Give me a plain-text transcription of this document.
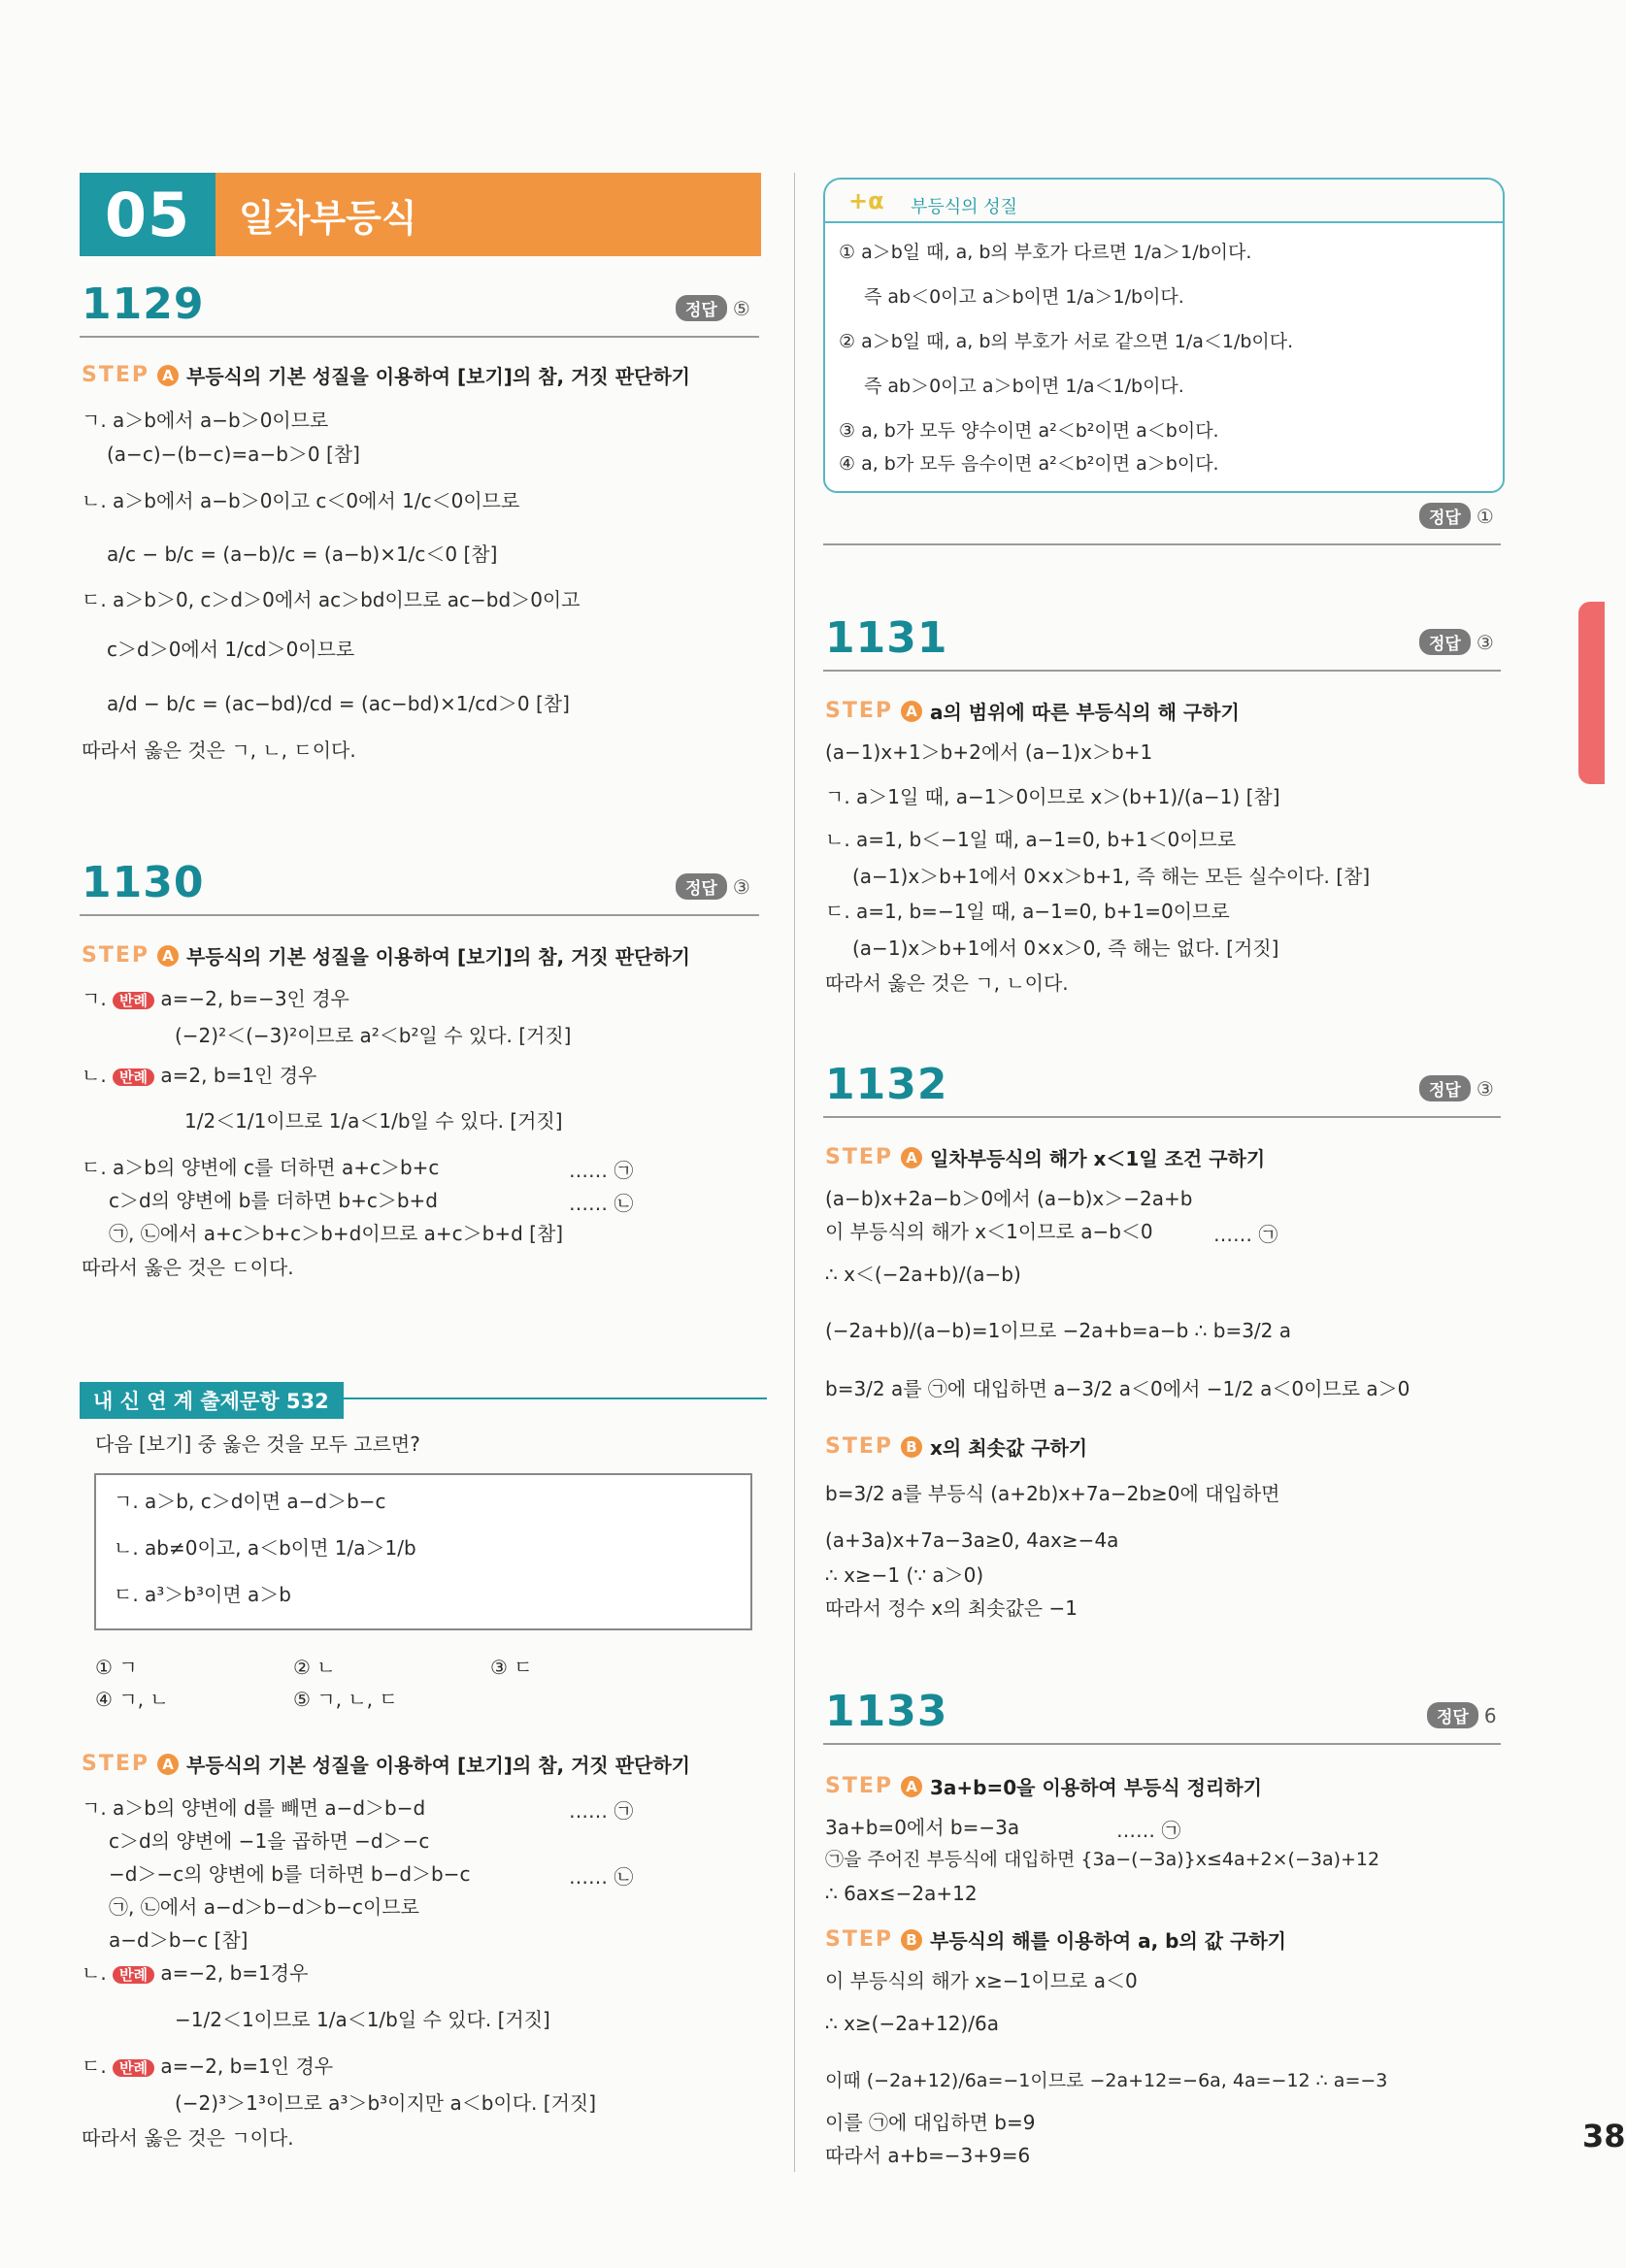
05	일차부등식
1129	정답 ⑤
STEP A 부등식의 기본 성질을 이용하여 [보기]의 참, 거짓 판단하기
ㄱ. a＞b에서 a−b＞0이므로
(a−c)−(b−c)=a−b＞0 [참]
ㄴ. a＞b에서 a−b＞0이고 c＜0에서 1/c＜0이므로
a/c − b/c = (a−b)/c = (a−b)×1/c＜0 [참]
ㄷ. a＞b＞0, c＞d＞0에서 ac＞bd이므로 ac−bd＞0이고
c＞d＞0에서 1/cd＞0이므로
a/d − b/c = (ac−bd)/cd = (ac−bd)×1/cd＞0 [참]
따라서 옳은 것은 ㄱ, ㄴ, ㄷ이다.
1130	정답 ③
STEP A 부등식의 기본 성질을 이용하여 [보기]의 참, 거짓 판단하기
ㄱ. 반례 a=−2, b=−3인 경우
(−2)²＜(−3)²이므로 a²＜b²일 수 있다. [거짓]
ㄴ. 반례 a=2, b=1인 경우
1/2＜1/1이므로 1/a＜1/b일 수 있다. [거짓]
ㄷ. a＞b의 양변에 c를 더하면 a+c＞b+c	…… ㉠
c＞d의 양변에 b를 더하면 b+c＞b+d	…… ㉡
㉠, ㉡에서 a+c＞b+c＞b+d이므로 a+c＞b+d [참]
따라서 옳은 것은 ㄷ이다.
내 신 연 계 출제문항 532
다음 [보기] 중 옳은 것을 모두 고르면?
ㄱ. a＞b, c＞d이면 a−d＞b−c
ㄴ. ab≠0이고, a＜b이면 1/a＞1/b
ㄷ. a³＞b³이면 a＞b
① ㄱ	② ㄴ	③ ㄷ
④ ㄱ, ㄴ	⑤ ㄱ, ㄴ, ㄷ
STEP A 부등식의 기본 성질을 이용하여 [보기]의 참, 거짓 판단하기
ㄱ. a＞b의 양변에 d를 빼면 a−d＞b−d	…… ㉠
c＞d의 양변에 −1을 곱하면 −d＞−c
−d＞−c의 양변에 b를 더하면 b−d＞b−c	…… ㉡
㉠, ㉡에서 a−d＞b−d＞b−c이므로
a−d＞b−c [참]
ㄴ. 반례 a=−2, b=1경우
−1/2＜1이므로 1/a＜1/b일 수 있다. [거짓]
ㄷ. 반례 a=−2, b=1인 경우
(−2)³＞1³이므로 a³＞b³이지만 a＜b이다. [거짓]
따라서 옳은 것은 ㄱ이다.
+α 부등식의 성질
① a＞b일 때, a, b의 부호가 다르면 1/a＞1/b이다.
즉 ab＜0이고 a＞b이면 1/a＞1/b이다.
② a＞b일 때, a, b의 부호가 서로 같으면 1/a＜1/b이다.
즉 ab＞0이고 a＞b이면 1/a＜1/b이다.
③ a, b가 모두 양수이면 a²＜b²이면 a＜b이다.
④ a, b가 모두 음수이면 a²＜b²이면 a＞b이다.
정답 ①
1131	정답 ③
STEP A a의 범위에 따른 부등식의 해 구하기
(a−1)x+1＞b+2에서 (a−1)x＞b+1
ㄱ. a＞1일 때, a−1＞0이므로 x＞(b+1)/(a−1) [참]
ㄴ. a=1, b＜−1일 때, a−1=0, b+1＜0이므로
(a−1)x＞b+1에서 0×x＞b+1, 즉 해는 모든 실수이다. [참]
ㄷ. a=1, b=−1일 때, a−1=0, b+1=0이므로
(a−1)x＞b+1에서 0×x＞0, 즉 해는 없다. [거짓]
따라서 옳은 것은 ㄱ, ㄴ이다.
1132	정답 ③
STEP A 일차부등식의 해가 x＜1일 조건 구하기
(a−b)x+2a−b＞0에서 (a−b)x＞−2a+b
이 부등식의 해가 x＜1이므로 a−b＜0	…… ㉠
∴ x＜(−2a+b)/(a−b)
(−2a+b)/(a−b)=1이므로 −2a+b=a−b ∴ b=3/2 a
b=3/2 a를 ㉠에 대입하면 a−3/2 a＜0에서 −1/2 a＜0이므로 a＞0
STEP B x의 최솟값 구하기
b=3/2 a를 부등식 (a+2b)x+7a−2b≥0에 대입하면
(a+3a)x+7a−3a≥0, 4ax≥−4a
∴ x≥−1 (∵ a＞0)
따라서 정수 x의 최솟값은 −1
1133	정답 6
STEP A 3a+b=0을 이용하여 부등식 정리하기
3a+b=0에서 b=−3a	…… ㉠
㉠을 주어진 부등식에 대입하면 {3a−(−3a)}x≤4a+2×(−3a)+12
∴ 6ax≤−2a+12
STEP B 부등식의 해를 이용하여 a, b의 값 구하기
이 부등식의 해가 x≥−1이므로 a＜0
∴ x≥(−2a+12)/6a
이때 (−2a+12)/6a=−1이므로 −2a+12=−6a, 4a=−12 ∴ a=−3
이를 ㉠에 대입하면 b=9
따라서 a+b=−3+9=6
38
